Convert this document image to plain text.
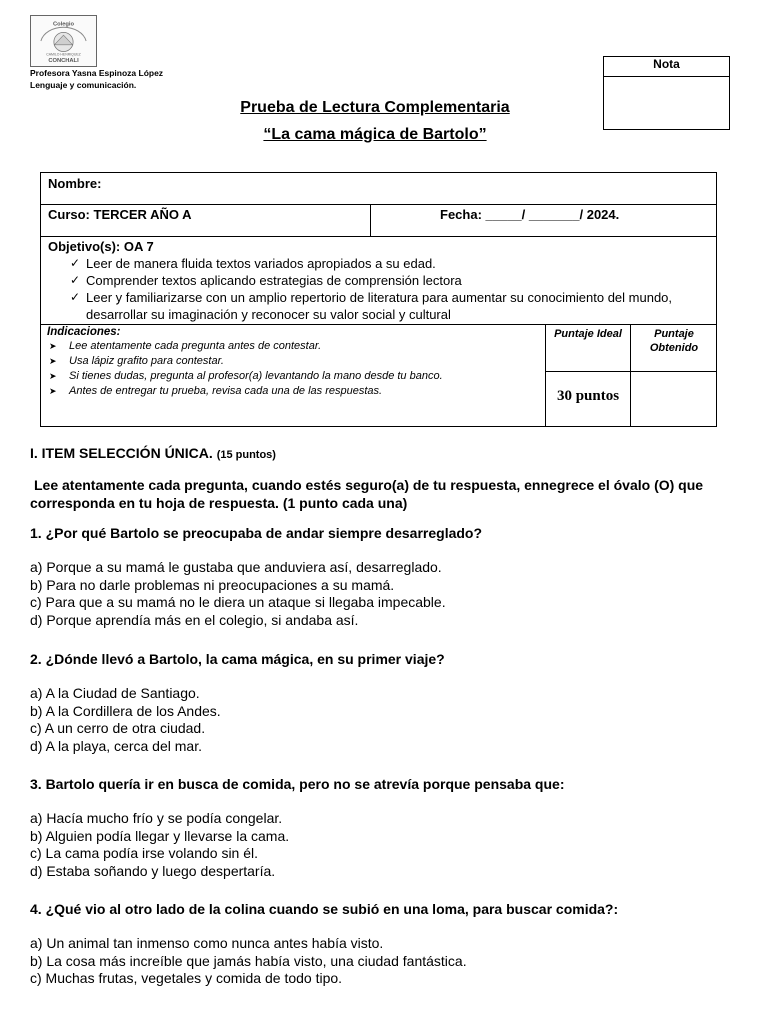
Colegio
CAMILO HENRIQUEZ
CONCHALI
Profesora Yasna Espinoza López
Lenguaje y comunicación.
Nota
Prueba de Lectura Complementaria
“La cama mágica de Bartolo”
Nombre:
Curso: TERCER AÑO A	Fecha: _____/ _______/ 2024.
Objetivo(s): OA 7
✓ Leer de manera fluida textos variados apropiados a su edad.
✓ Comprender textos aplicando estrategias de comprensión lectora
✓ Leer y familiarizarse con un amplio repertorio de literatura para aumentar su conocimiento del mundo, desarrollar su imaginación y reconocer su valor social y cultural
Indicaciones:
➤ Lee atentamente cada pregunta antes de contestar.
➤ Usa lápiz grafito para contestar.
➤ Si tienes dudas, pregunta al profesor(a) levantando la mano desde tu banco.
➤ Antes de entregar tu prueba, revisa cada una de las respuestas.
Puntaje Ideal
30 puntos
Puntaje Obtenido
I. ITEM SELECCIÓN ÚNICA. (15 puntos)
Lee atentamente cada pregunta, cuando estés seguro(a) de tu respuesta, ennegrece el óvalo (O) que corresponda en tu hoja de respuesta. (1 punto cada una)
1. ¿Por qué Bartolo se preocupaba de andar siempre desarreglado?
a) Porque a su mamá le gustaba que anduviera así, desarreglado.
b) Para no darle problemas ni preocupaciones a su mamá.
c) Para que a su mamá no le diera un ataque si llegaba impecable.
d) Porque aprendía más en el colegio, si andaba así.
2. ¿Dónde llevó a Bartolo, la cama mágica, en su primer viaje?
a) A la Ciudad de Santiago.
b) A la Cordillera de los Andes.
c) A un cerro de otra ciudad.
d) A la playa, cerca del mar.
3. Bartolo quería ir en busca de comida, pero no se atrevía porque pensaba que:
a) Hacía mucho frío y se podía congelar.
b) Alguien podía llegar y llevarse la cama.
c) La cama podía irse volando sin él.
d) Estaba soñando y luego despertaría.
4. ¿Qué vio al otro lado de la colina cuando se subió en una loma, para buscar comida?:
a) Un animal tan inmenso como nunca antes había visto.
b) La cosa más increíble que jamás había visto, una ciudad fantástica.
c) Muchas frutas, vegetales y comida de todo tipo.
